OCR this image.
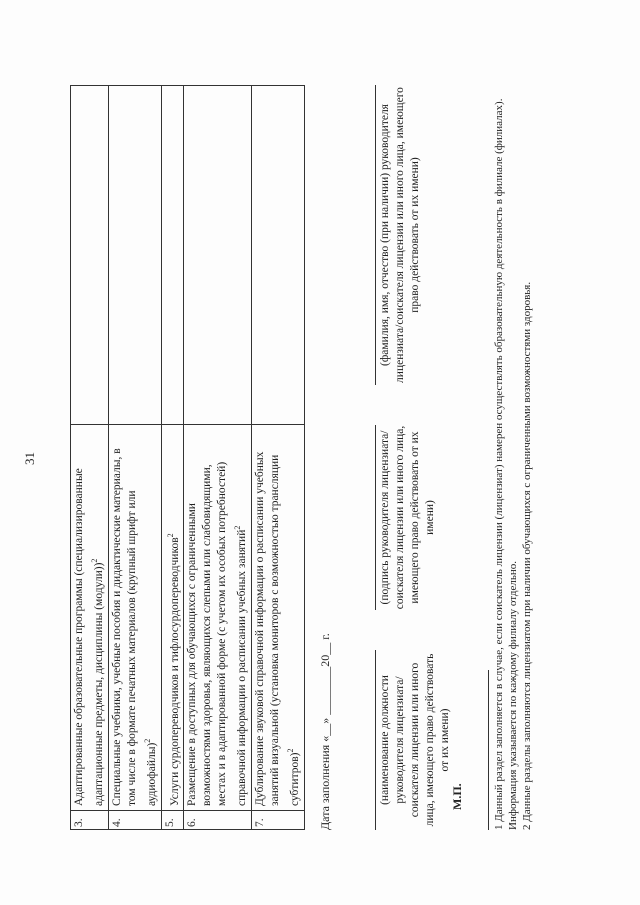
31
3.	Адаптированные образовательные программы (специализированные адаптационные предметы, дисциплины (модули))$^2$	
4.	Специальные учебники, учебные пособия и дидактические материалы, в том числе в формате печатных материалов (крупный шрифт или аудиофайлы)$^2$	
5.	Услуги сурдопереводчиков и тифлосурдопереводчиков$^2$	
6.	Размещение в доступных для обучающихся с ограниченными возможностями здоровья, являющихся слепыми или слабовидящими, местах и в адаптированной форме (с учетом их особых потребностей) справочной информации о расписании учебных занятий$^2$	
7.	Дублирование звуковой справочной информации о расписании учебных занятий визуальной (установка мониторов с возможностью трансляции субтитров)$^2$	Дата заполнения «__» ________20__ г.	(наименование должности руководителя лицензиата/соискателя лицензии или иного лица, имеющего право действовать от их имени)
(подпись руководителя лицензиата/соискателя лицензии или иного лица, имеющего право действовать от их имени)
(фамилия, имя, отчество (при наличии) руководителя лицензиата/соискателя лицензии или иного лица, имеющего право действовать от их имени)
М.П.	1 Данный раздел заполняется в случае, если соискатель лицензии (лицензиат) намерен осуществлять образовательную деятельность в филиале (филиалах). Информация указывается по каждому филиалу отдельно. 2 Данные разделы заполняются лицензиатом при наличии обучающихся с ограниченными возможностями здоровья.
